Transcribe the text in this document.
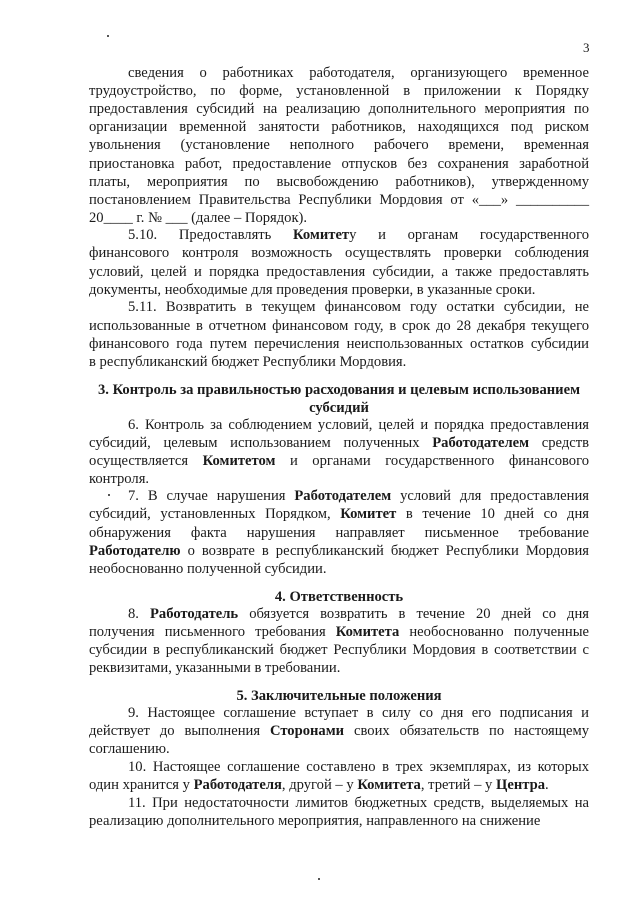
3
сведения о работниках работодателя, организующего временное
трудоустройство, по форме, установленной в приложении к Порядку
предоставления субсидий на реализацию дополнительного мероприятия по
организации временной занятости работников, находящихся под риском
увольнения (установление неполного рабочего времени, временная
приостановка работ, предоставление отпусков без сохранения заработной
платы, мероприятия по высвобождению работников), утвержденному
постановлением Правительства Республики Мордовия от «___» __________
20____ г. № ___ (далее – Порядок).
5.10. Предоставлять Комитету и органам государственного
финансового контроля возможность осуществлять проверки соблюдения
условий, целей и порядка предоставления субсидии, а также предоставлять
документы, необходимые для проведения проверки, в указанные сроки.
5.11. Возвратить в текущем финансовом году остатки субсидии, не
использованные в отчетном финансовом году, в срок до 28 декабря текущего
финансового года путем перечисления неиспользованных остатков субсидии
в республиканский бюджет Республики Мордовия.
3. Контроль за правильностью расходования и целевым использованием
субсидий
6. Контроль за соблюдением условий, целей и порядка предоставления
субсидий, целевым использованием полученных Работодателем средств
осуществляется Комитетом и органами государственного финансового
контроля.
7. В случае нарушения Работодателем условий для предоставления
субсидий, установленных Порядком, Комитет в течение 10 дней со дня
обнаружения факта нарушения направляет письменное требование
Работодателю о возврате в республиканский бюджет Республики Мордовия
необоснованно полученной субсидии.
4. Ответственность
8. Работодатель обязуется возвратить в течение 20 дней со дня
получения письменного требования Комитета необоснованно полученные
субсидии в республиканский бюджет Республики Мордовия в соответствии с
реквизитами, указанными в требовании.
5. Заключительные положения
9. Настоящее соглашение вступает в силу со дня его подписания и
действует до выполнения Сторонами своих обязательств по настоящему
соглашению.
10. Настоящее соглашение составлено в трех экземплярах, из которых
один хранится у Работодателя, другой – у Комитета, третий – у Центра.
11. При недостаточности лимитов бюджетных средств, выделяемых на
реализацию дополнительного мероприятия, направленного на снижение
